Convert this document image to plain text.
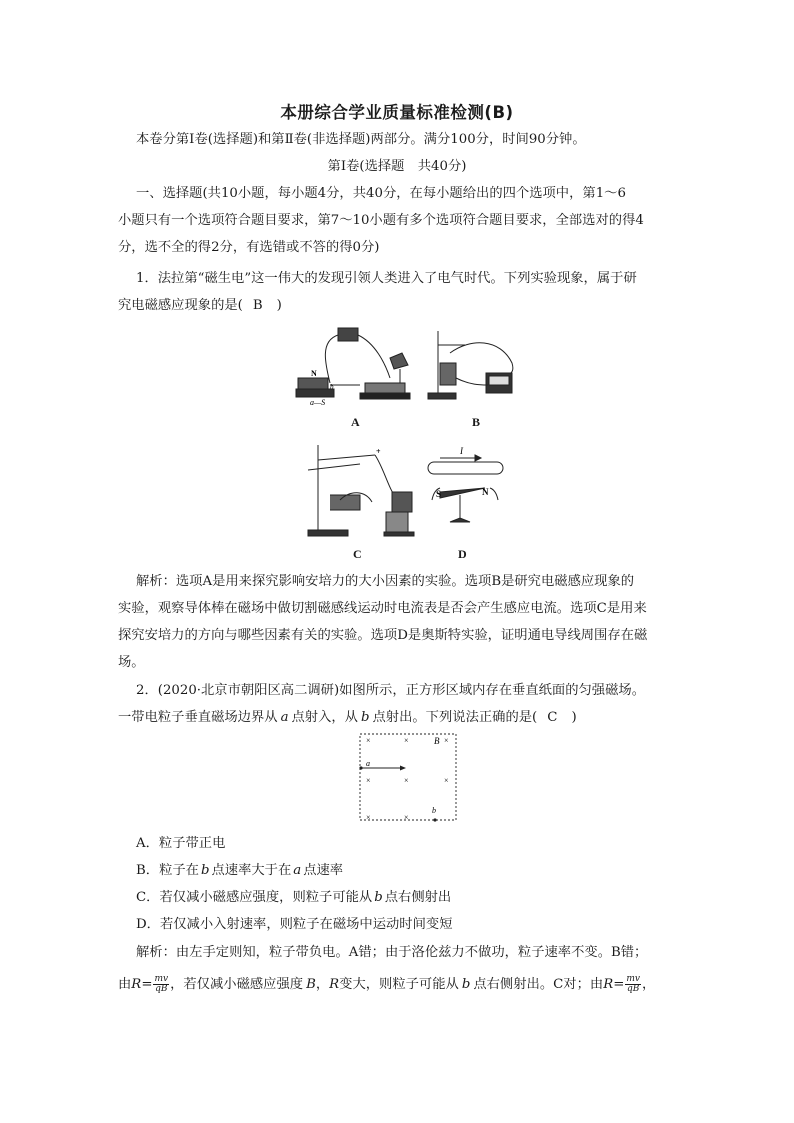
本册综合学业质量标准检测(B)
本卷分第Ⅰ卷(选择题)和第Ⅱ卷(非选择题)两部分。满分100分，时间90分钟。
第Ⅰ卷(选择题　共40分)
一、选择题(共10小题，每小题4分，共40分，在每小题给出的四个选项中，第1～6
小题只有一个选项符合题目要求，第7～10小题有多个选项符合题目要求，全部选对的得4
分，选不全的得2分，有选错或不答的得0分)
1．法拉第“磁生电”这一伟大的发现引领人类进入了电气时代。下列实验现象，属于研
究电磁感应现象的是( B )
N
b
a—S
A	B
+	I
S	N
C	D
解析：选项A是用来探究影响安培力的大小因素的实验。选项B是研究电磁感应现象的
实验，观察导体棒在磁场中做切割磁感线运动时电流表是否会产生感应电流。选项C是用来
探究安培力的方向与哪些因素有关的实验。选项D是奥斯特实验，证明通电导线周围存在磁
场。
2．(2020·北京市朝阳区高二调研)如图所示，正方形区域内存在垂直纸面的匀强磁场。
一带电粒子垂直磁场边界从 a 点射入，从 b 点射出。下列说法正确的是( C )
×	×	B ×
a
×	×	×
×	×
b
A．粒子带正电
B．粒子在 b 点速率大于在 a 点速率
C．若仅减小磁感应强度，则粒子可能从 b 点右侧射出
D．若仅减小入射速率，则粒子在磁场中运动时间变短
解析：由左手定则知，粒子带负电。A错；由于洛伦兹力不做功，粒子速率不变。B错；
由$R= \frac{mv}{qB}$ ，若仅减小磁感应强度 B，R变大，则粒子可能从 b 点右侧射出。C对；由$R= \frac{mv}{qB}$ ，
